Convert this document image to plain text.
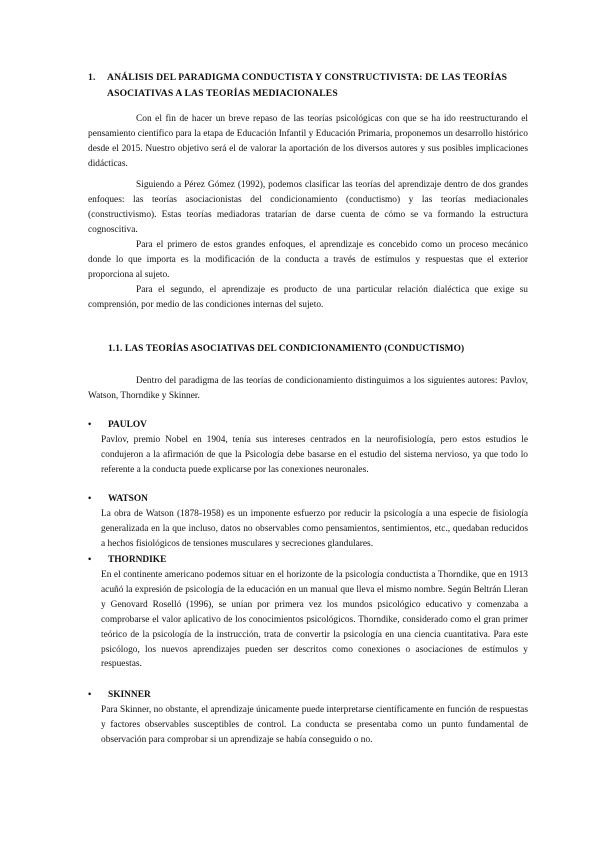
1. ANÁLISIS DEL PARADIGMA CONDUCTISTA Y CONSTRUCTIVISTA: DE LAS TEORÍAS ASOCIATIVAS A LAS TEORÍAS MEDIACIONALES

Con el fin de hacer un breve repaso de las teorías psicológicas con que se ha ido reestructurando el pensamiento científico para la etapa de Educación Infantil y Educación Primaria, proponemos un desarrollo histórico desde el 2015. Nuestro objetivo será el de valorar la aportación de los diversos autores y sus posibles implicaciones didácticas.

Siguiendo a Pérez Gómez (1992), podemos clasificar las teorías del aprendizaje dentro de dos grandes enfoques: las teorías asociacionistas del condicionamiento (conductismo) y las teorías mediacionales (constructivismo). Estas teorías mediadoras tratarían de darse cuenta de cómo se va formando la estructura cognoscitiva.

Para el primero de estos grandes enfoques, el aprendizaje es concebido como un proceso mecánico donde lo que importa es la modificación de la conducta a través de estímulos y respuestas que el exterior proporciona al sujeto.

Para el segundo, el aprendizaje es producto de una particular relación dialéctica que exige su comprensión, por medio de las condiciones internas del sujeto.

1.1. LAS TEORÍAS ASOCIATIVAS DEL CONDICIONAMIENTO (CONDUCTISMO)

Dentro del paradigma de las teorías de condicionamiento distinguimos a los siguientes autores: Pavlov, Watson, Thorndike y Skinner.

•	PAULOV

Pavlov, premio Nobel en 1904, tenía sus intereses centrados en la neurofisiología, pero estos estudios le condujeron a la afirmación de que la Psicología debe basarse en el estudio del sistema nervioso, ya que todo lo referente a la conducta puede explicarse por las conexiones neuronales.

•	WATSON

La obra de Watson (1878-1958) es un imponente esfuerzo por reducir la psicología a una especie de fisiología generalizada en la que incluso, datos no observables como pensamientos, sentimientos, etc., quedaban reducidos a hechos fisiológicos de tensiones musculares y secreciones glandulares.

•	THORNDIKE

En el continente americano podemos situar en el horizonte de la psicología conductista a Thorndike, que en 1913 acuñó la expresión de psicología de la educación en un manual que lleva el mismo nombre. Según Beltrán Lleran y Genovard Roselló (1996), se unían por primera vez los mundos psicológico educativo y comenzaba a comprobarse el valor aplicativo de los conocimientos psicológicos. Thorndike, considerado como el gran primer teórico de la psicología de la instrucción, trata de convertir la psicología en una ciencia cuantitativa. Para este psicólogo, los nuevos aprendizajes pueden ser descritos como conexiones o asociaciones de estímulos y respuestas.

•	SKINNER

Para Skinner, no obstante, el aprendizaje únicamente puede interpretarse científicamente en función de respuestas y factores observables susceptibles de control. La conducta se presentaba como un punto fundamental de observación para comprobar si un aprendizaje se había conseguido o no.
